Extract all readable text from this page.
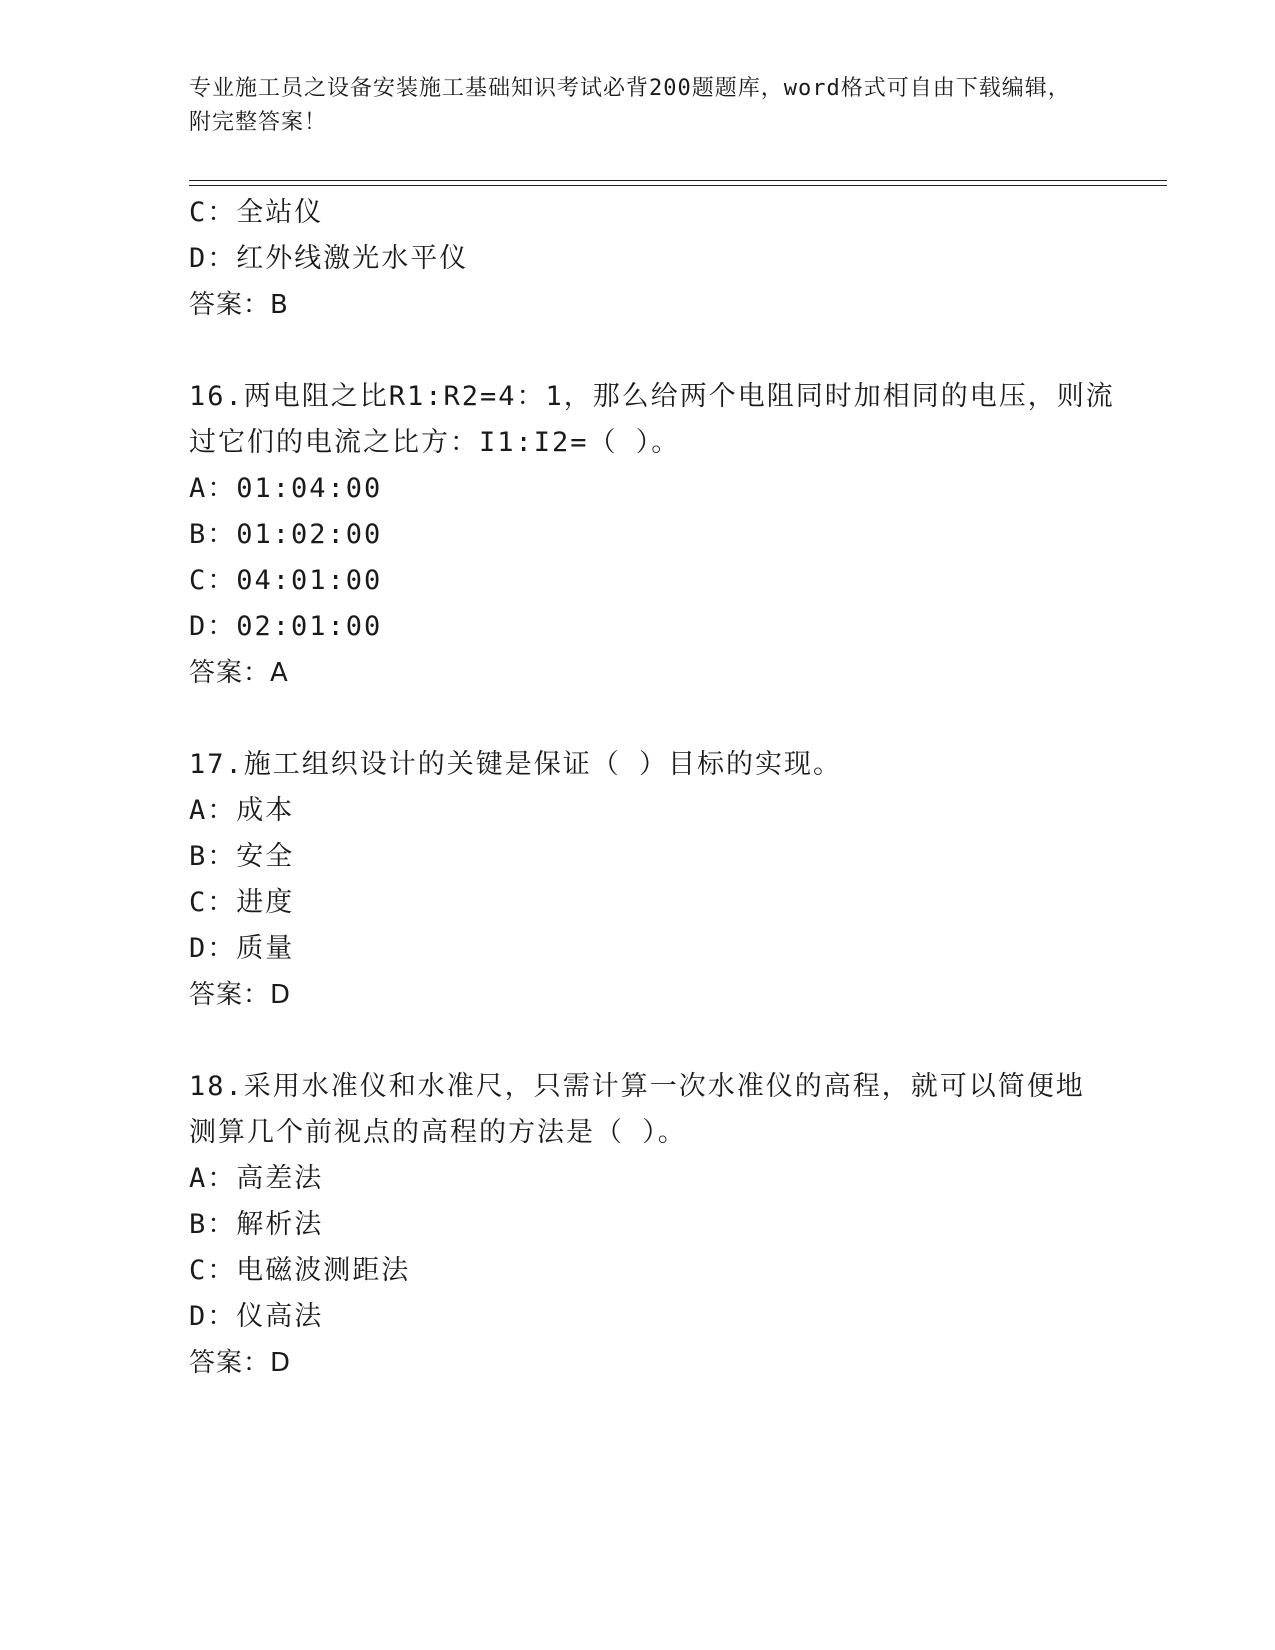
专业施工员之设备安装施工基础知识考试必背200题题库，word格式可自由下载编辑，附完整答案！
C：全站仪
D：红外线激光水平仪
答案：B
16.两电阻之比R1:R2=4：1，那么给两个电阻同时加相同的电压，则流
过它们的电流之比方：I1:I2=（ ）。
A：01:04:00
B：01:02:00
C：04:01:00
D：02:01:00
答案：A
17.施工组织设计的关键是保证（ ）目标的实现。
A：成本
B：安全
C：进度
D：质量
答案：D
18.采用水准仪和水准尺，只需计算一次水准仪的高程，就可以简便地
测算几个前视点的高程的方法是（ ）。
A：高差法
B：解析法
C：电磁波测距法
D：仪高法
答案：D
